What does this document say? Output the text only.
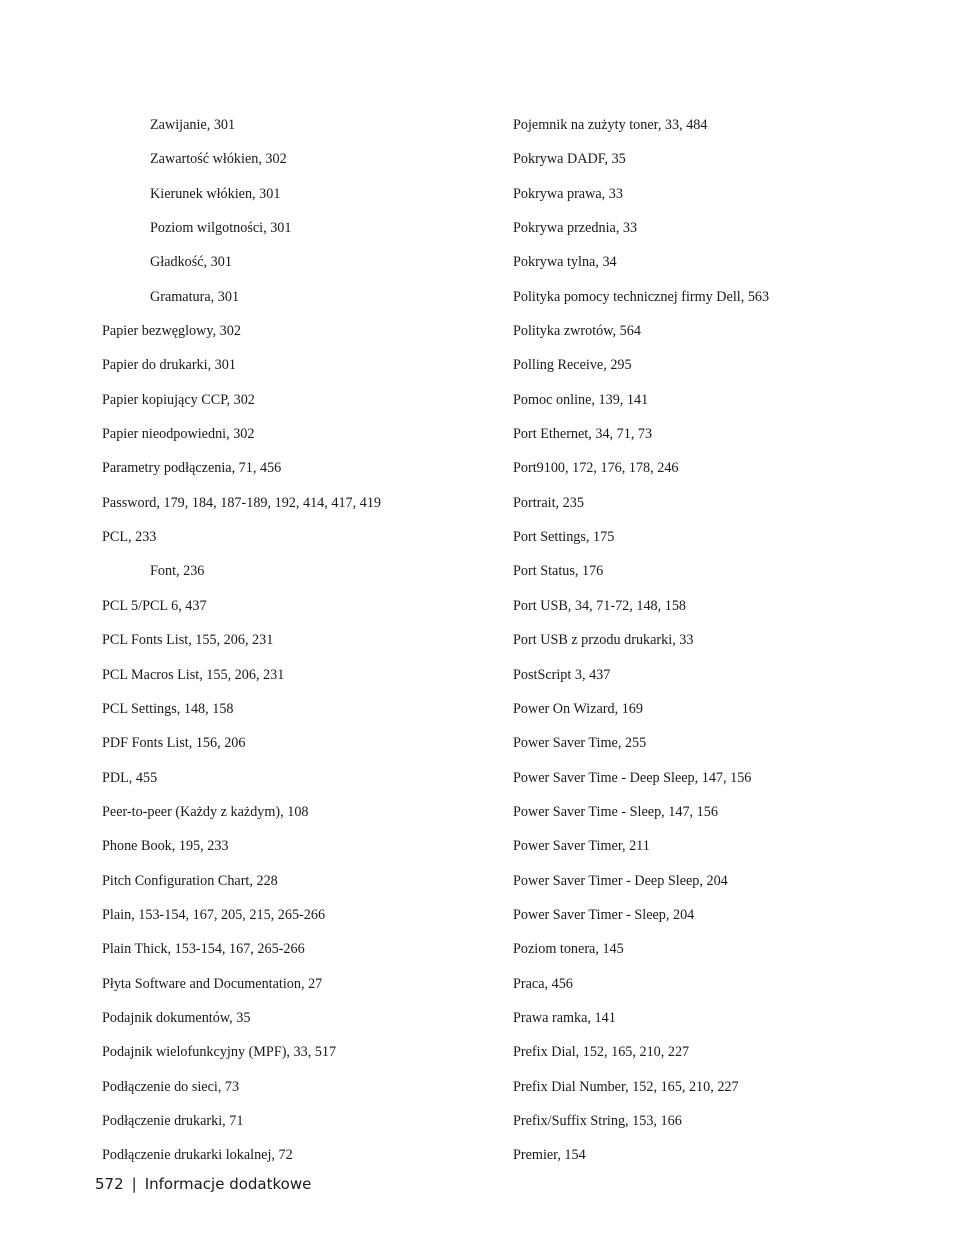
Zawijanie, 301
Zawartość włókien, 302
Kierunek włókien, 301
Poziom wilgotności, 301
Gładkość, 301
Gramatura, 301
Papier bezwęglowy, 302
Papier do drukarki, 301
Papier kopiujący CCP, 302
Papier nieodpowiedni, 302
Parametry podłączenia, 71, 456
Password, 179, 184, 187-189, 192, 414, 417, 419
PCL, 233
Font, 236
PCL 5/PCL 6, 437
PCL Fonts List, 155, 206, 231
PCL Macros List, 155, 206, 231
PCL Settings, 148, 158
PDF Fonts List, 156, 206
PDL, 455
Peer-to-peer (Każdy z każdym), 108
Phone Book, 195, 233
Pitch Configuration Chart, 228
Plain, 153-154, 167, 205, 215, 265-266
Plain Thick, 153-154, 167, 265-266
Płyta Software and Documentation, 27
Podajnik dokumentów, 35
Podajnik wielofunkcyjny (MPF), 33, 517
Podłączenie do sieci, 73
Podłączenie drukarki, 71
Podłączenie drukarki lokalnej, 72
Pojemnik na zużyty toner, 33, 484
Pokrywa DADF, 35
Pokrywa prawa, 33
Pokrywa przednia, 33
Pokrywa tylna, 34
Polityka pomocy technicznej firmy Dell, 563
Polityka zwrotów, 564
Polling Receive, 295
Pomoc online, 139, 141
Port Ethernet, 34, 71, 73
Port9100, 172, 176, 178, 246
Portrait, 235
Port Settings, 175
Port Status, 176
Port USB, 34, 71-72, 148, 158
Port USB z przodu drukarki, 33
PostScript 3, 437
Power On Wizard, 169
Power Saver Time, 255
Power Saver Time - Deep Sleep, 147, 156
Power Saver Time - Sleep, 147, 156
Power Saver Timer, 211
Power Saver Timer - Deep Sleep, 204
Power Saver Timer - Sleep, 204
Poziom tonera, 145
Praca, 456
Prawa ramka, 141
Prefix Dial, 152, 165, 210, 227
Prefix Dial Number, 152, 165, 210, 227
Prefix/Suffix String, 153, 166
Premier, 154
572 | Informacje dodatkowe
